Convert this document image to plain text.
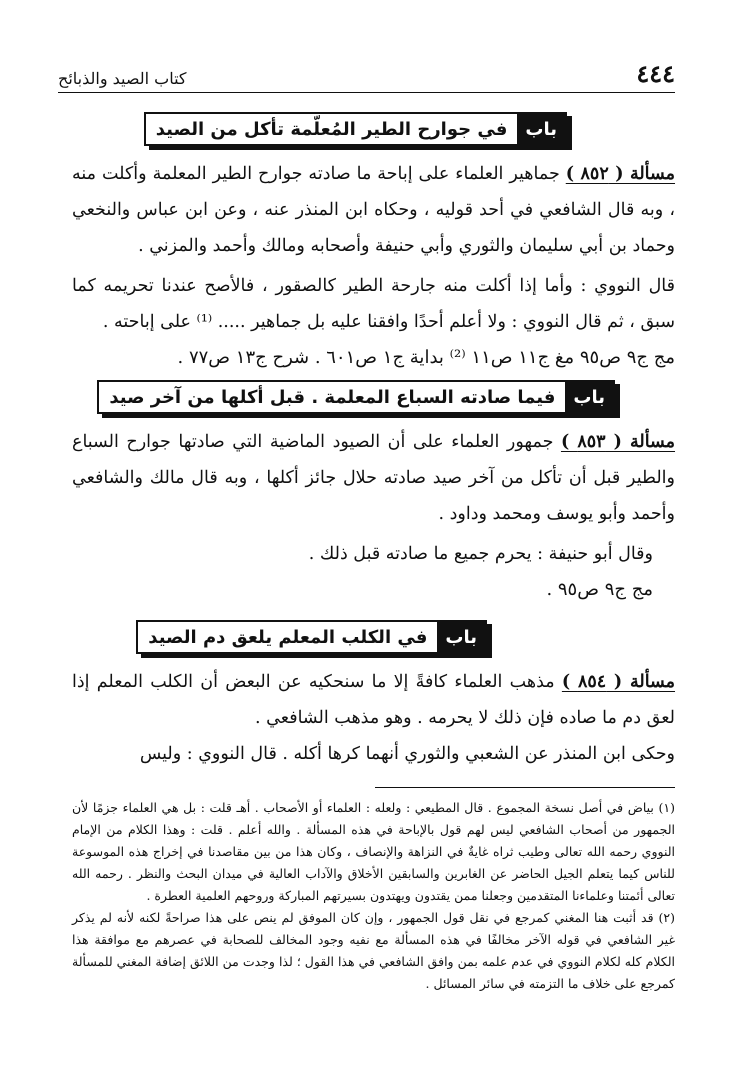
٤٤٤
كتاب الصيد والذبائح
باب
في جوارح الطير المُعلّمة تأكل من الصيد

مسألة ( ٨٥٢ ) جماهير العلماء على إباحة ما صادته جوارح الطير المعلمة وأكلت منه ، وبه قال الشافعي في أحد قوليه ، وحكاه ابن المنذر عنه ، وعن ابن عباس والنخعي وحماد بن أبي سليمان والثوري وأبي حنيفة وأصحابه ومالك وأحمد والمزني .

قال النووي : وأما إذا أكلت منه جارحة الطير كالصقور ، فالأصح عندنا تحريمه كما سبق ، ثم قال النووي : ولا أعلم أحدًا وافقنا عليه بل جماهير ..... ⁽¹⁾ على إباحته .

مج ج٩ ص٩٥ مغ ج١١ ص١١ ⁽²⁾ بداية ج١ ص٦٠١ . شرح ج١٣ ص٧٧ .

باب
فيما صادته السباع المعلمة . قبل أكلها من آخر صيد

مسألة ( ٨٥٣ ) جمهور العلماء على أن الصيود الماضية التي صادتها جوارح السباع والطير قبل أن تأكل من آخر صيد صادته حلال جائز أكلها ، وبه قال مالك والشافعي وأحمد وأبو يوسف ومحمد وداود .

وقال أبو حنيفة : يحرم جميع ما صادته قبل ذلك .

مج ج٩ ص٩٥ .

باب
في الكلب المعلم يلعق دم الصيد

مسألة ( ٨٥٤ ) مذهب العلماء كافةً إلا ما سنحكيه عن البعض أن الكلب المعلم إذا لعق دم ما صاده فإن ذلك لا يحرمه . وهو مذهب الشافعي .

وحكى ابن المنذر عن الشعبي والثوري أنهما كرها أكله . قال النووي : وليس

(١) بياض في أصل نسخة المجموع . قال المطيعي : ولعله : العلماء أو الأصحاب . أهـ قلت : بل هي العلماء جزمًا لأن الجمهور من أصحاب الشافعي ليس لهم قول بالإباحة في هذه المسألة . والله أعلم . قلت : وهذا الكلام من الإمام النووي رحمه الله تعالى وطيب ثراه غايةٌ في النزاهة والإنصاف ، وكان هذا من بين مقاصدنا في إخراج هذه الموسوعة للناس كيما يتعلم الجيل الحاضر عن الغابرين والسابقين الأخلاق والآداب العالية في ميدان البحث والنظر . رحمه الله تعالى أئمتنا وعلماءنا المتقدمين وجعلنا ممن يقتدون ويهتدون بسيرتهم المباركة وروحهم العلمية العطرة .

(٢) قد أثبت هنا المغني كمرجع في نقل قول الجمهور ، وإن كان الموفق لم ينص على هذا صراحةً لكنه لأنه لم يذكر غير الشافعي في قوله الآخر مخالفًا في هذه المسألة مع نفيه وجود المخالف للصحابة في عصرهم مع موافقة هذا الكلام كله لكلام النووي في عدم علمه بمن وافق الشافعي في هذا القول ؛ لذا وجدت من اللائق إضافة المغني للمسألة كمرجع على خلاف ما التزمته في سائر المسائل .
